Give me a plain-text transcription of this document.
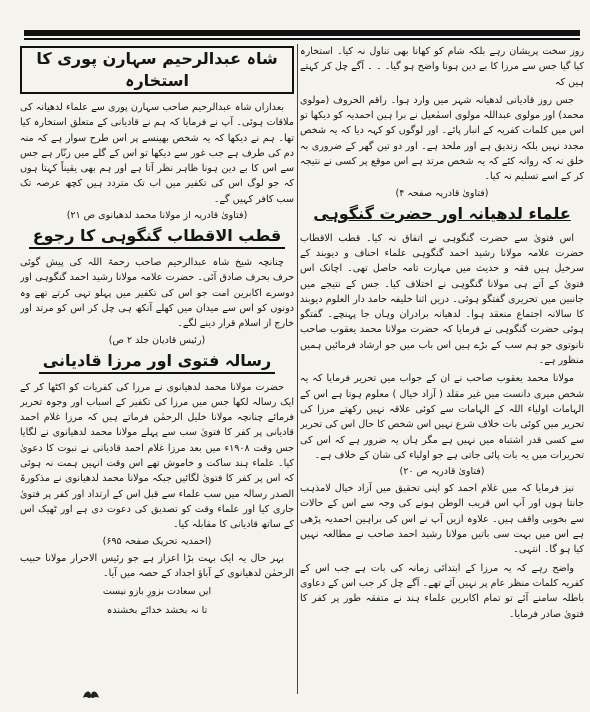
روز سخت پریشان رہے بلکہ شام کو کھانا بھی تناول نہ کیا۔ استخارہ کیا گیا جس سے مرزا کا بے دین ہونا واضح ہو گیا۔ ۔ ۔ آگے چل کر کہتے ہیں کہ

جس روز قادیانی لدھیانہ شہر میں وارد ہوا۔ راقم الحروف (مولوی محمد) اور مولوی عبداللہ مولوی اسمٰعیل نے برا ہین احمدیہ کو دیکھا تو اس میں کلمات کفریہ کے انبار پائے۔ اور لوگوں کو کہہ دیا کہ یہ شخص مجدد نہیں بلکہ زندیق ہے اور ملحد ہے۔ اور دو تین گھر کے ضروری بہ خلق نہ کہ روانہ کئے کہ یہ شخص مرتد ہے اس موقع پر کسی نے نتیجہ کر کے اسے تسلیم نہ کیا۔

(فتاویٰ قادریہ صفحہ ۴)
علماء لدھیانہ اور حضرت گنگوہی

اس فتویٰ سے حضرت گنگوہی نے اتفاق نہ کیا۔ قطب الاقطاب حضرت علامہ مولانا رشید احمد گنگوہی علماء احناف و دیوبند کے سرخیل ہیں فقہ و حدیث میں مہارت تامہ حاصل تھی۔ اچانک اس فتویٰ کے آتے ہی مولانا گنگوہی نے اختلاف کیا۔ جس کے نتیجے میں جانبین میں تحریری گفتگو ہوئی۔ دریں اثنا خلیفہ حامد دار العلوم دیوبند کا سالانہ اجتماع منعقد ہوا۔ لدھیانہ برادران وہاں جا پہنچے۔ گفتگو ہوئی حضرت گنگوہی نے فرمایا کہ حضرت مولانا محمد یعقوب صاحب نانوتوی جو ہم سب کے بڑے ہیں اس باب میں جو ارشاد فرمائیں ہمیں منظور ہے۔

مولانا محمد یعقوب صاحب نے ان کے جواب میں تحریر فرمایا کہ یہ شخص میری دانست میں غیر مقلد ( آزاد خیال ) معلوم ہوتا ہے اس کے الہامات اولیاء اللہ کے الہامات سے کوئی علاقہ نہیں رکھتے مرزا کی تحریر میں کوئی بات خلاف شرع نہیں اس شخص کا حال اس کی تحریر سے کسی قدر اشتباہ میں نہیں ہے مگر ہاں یہ ضرور ہے کہ اس کی تحریرات میں یہ بات پائی جاتی ہے جو اولیاء کی شان کے خلاف ہے۔

(فتاویٰ قادریہ ص ۲۰)

نیز فرمایا کہ میں غلام احمد کو اپنی تحقیق میں آزاد خیال لامذہب جانتا ہوں اور آپ اس قریب الوطن ہونے کی وجہ سے اس کے حالات سے بخوبی واقف ہیں۔ علاوہ ازیں آپ نے اس کی براہین احمدیہ پڑھی ہے اس میں بہت سی باتیں مولانا رشید احمد صاحب نے مطالعہ نہیں کیا ہو گا۔ انتہی۔

واضح رہے کہ یہ مرزا کے ابتدائی زمانہ کی بات ہے جب اس کے کفریہ کلمات منظر عام پر نہیں آئے تھے۔ آگے چل کر جب اس کے دعاوی باطلہ سامنے آئے تو تمام اکابرین علماء ہند نے متفقہ طور پر کفر کا فتویٰ صادر فرمایا۔

شاہ عبدالرحیم سہارن پوری کا استخارہ

بعدازاں شاہ عبدالرحیم صاحب سہارن پوری سے علماء لدھیانہ کی ملاقات ہوئی۔ آپ نے فرمایا کہ ہم نے قادیانی کے متعلق استخارہ کیا تھا۔ ہم نے دیکھا کہ یہ شخص بھینسے پر اس طرح سوار ہے کہ منہ دم کی طرف ہے جب غور سے دیکھا تو اس کے گلے میں زنّار ہے جس سے اس کا بے دین ہونا ظاہر نظر آتا ہے اور ہم بھی یقیناً کہتا ہوں کہ جو لوگ اس کی تکفیر میں اب تک متردد ہیں کچھ عرصہ تک سب کافر کہیں گے۔

(فتاویٰ قادریہ از مولانا محمد لدھیانوی ص ۲۱)
قطب الاقطاب گنگوہی کا رجوع

چنانچہ شیخ شاہ عبدالرحیم صاحب رحمۃ اللہ کی پیش گوئی حرف بحرف صادق آئی۔ حضرت علامہ مولانا رشید احمد گنگوہی اور دوسرے اکابرین امت جو اس کی تکفیر میں پہلو تہی کرتے تھے وہ دونوں کو اس سے میدان میں کھلے آنکھ ہی چل کر اس کو مرتد اور خارج از اسلام قرار دینے لگے۔

(رئیس قادیان جلد ۲ ص)
رسالہ فتوی اور مرزا قادیانی

حضرت مولانا محمد لدھیانوی نے مرزا کی کفریات کو اکٹھا کر کے ایک رسالہ لکھا جس میں مرزا کی تکفیر کے اسباب اور وجوہ تحریر فرمائے چنانچہ مولانا خلیل الرحمٰن فرماتے ہیں کہ مرزا غلام احمد قادیانی پر کفر کا فتویٰ سب سے پہلے مولانا محمد لدھیانوی نے لگایا جس وقت ۱۹۰۸ء میں بعد مرزا غلام احمد قادیانی نے نبوت کا دعویٰ کیا۔ علماء ہند ساکت و خاموش تھے اس وقت انہیں ہمت نہ ہوئی کہ اس پر کفر کا فتویٰ لگائیں جبکہ مولانا محمد لدھیانوی نے مذکورۃ الصدر رسالہ میں سب علماء سے قبل اس کے ارتداد اور کفر پر فتویٰ جاری کیا اور علماء وقت کو تصدیق کی دعوت دی ہے اور ٹھیک اس کے ساتھ قادیانی کا مقابلہ کیا۔

(احمدیہ تحریک صفحہ ۶۹۵)

بہر حال یہ ایک بہت بڑا اعزاز ہے جو رئیس الاحرار مولانا حبیب الرحمٰن لدھیانوی کے آباؤ اجداد کے حصہ میں آیا۔

ایں سعادت بزورِ بازو نیست

تا نہ بخشد خدائے بخشندہ
